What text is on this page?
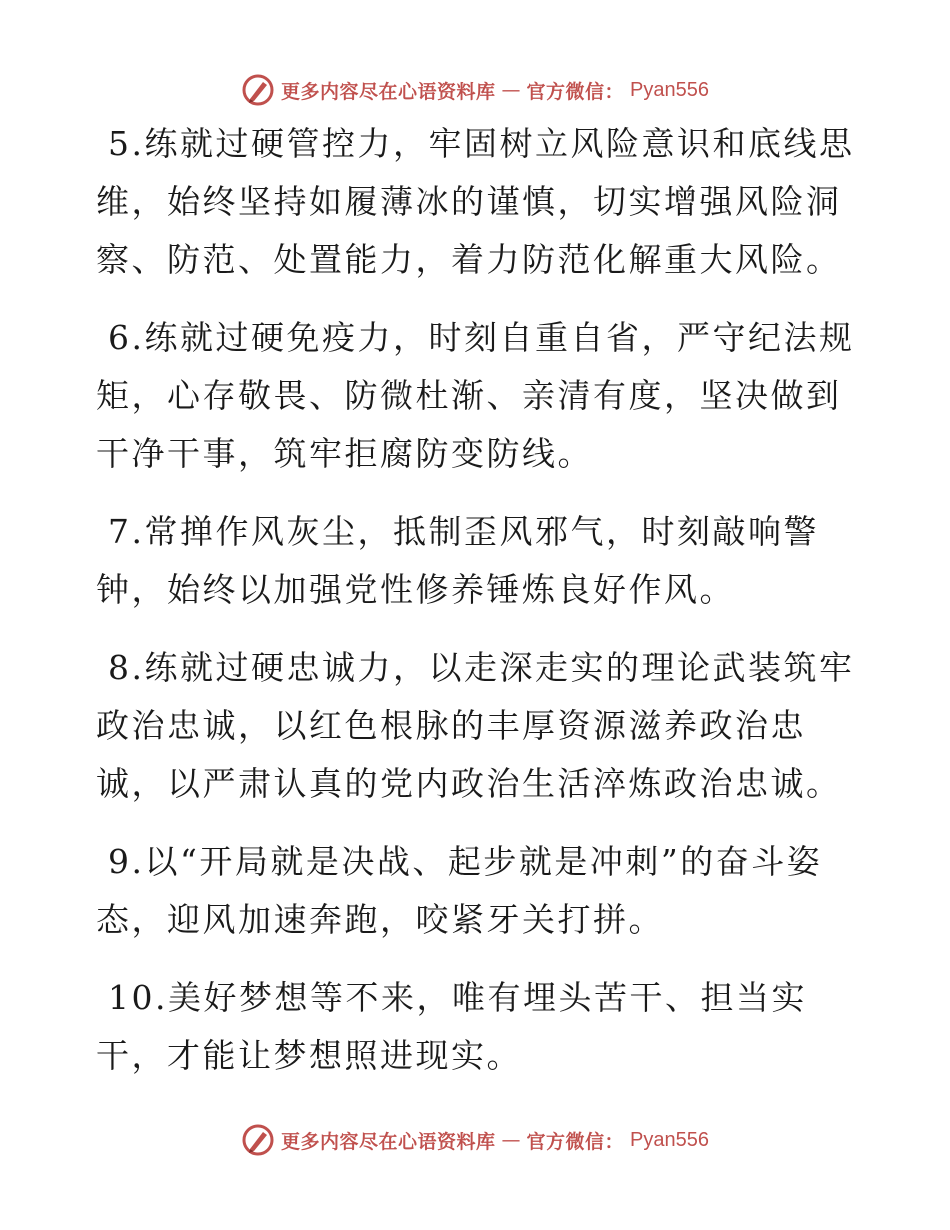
更多内容尽在心语资料库 — 官方微信： Pyan556

5.练就过硬管控力，牢固树立风险意识和底线思维，始终坚持如履薄冰的谨慎，切实增强风险洞察、防范、处置能力，着力防范化解重大风险。

6.练就过硬免疫力，时刻自重自省，严守纪法规矩，心存敬畏、防微杜渐、亲清有度，坚决做到干净干事，筑牢拒腐防变防线。

7.常掸作风灰尘，抵制歪风邪气，时刻敲响警钟，始终以加强党性修养锤炼良好作风。

8.练就过硬忠诚力，以走深走实的理论武装筑牢政治忠诚，以红色根脉的丰厚资源滋养政治忠诚，以严肃认真的党内政治生活淬炼政治忠诚。

9.以“开局就是决战、起步就是冲刺”的奋斗姿态，迎风加速奔跑，咬紧牙关打拼。

10.美好梦想等不来，唯有埋头苦干、担当实干，才能让梦想照进现实。

更多内容尽在心语资料库 — 官方微信： Pyan556
